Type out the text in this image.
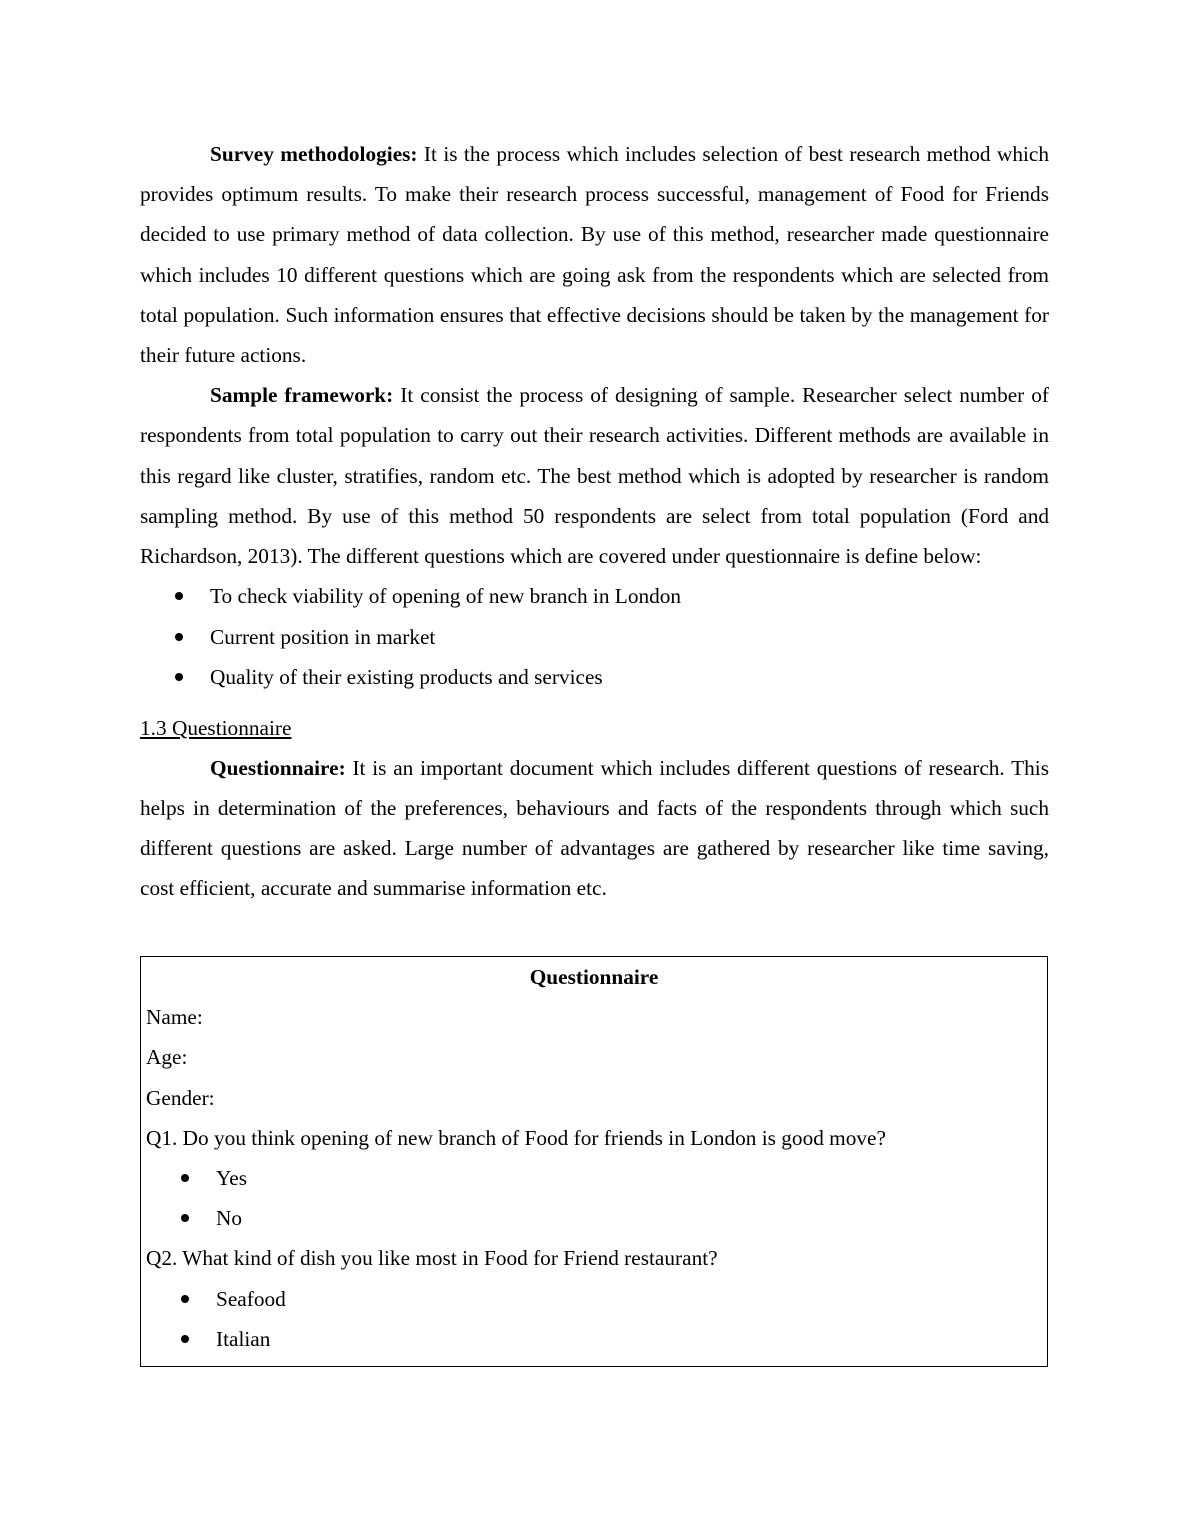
Survey methodologies: It is the process which includes selection of best research method which provides optimum results. To make their research process successful, management of Food for Friends decided to use primary method of data collection. By use of this method, researcher made questionnaire which includes 10 different questions which are going ask from the respondents which are selected from total population. Such information ensures that effective decisions should be taken by the management for their future actions.

Sample framework: It consist the process of designing of sample. Researcher select number of respondents from total population to carry out their research activities. Different methods are available in this regard like cluster, stratifies, random etc. The best method which is adopted by researcher is random sampling method. By use of this method 50 respondents are select from total population (Ford and Richardson, 2013). The different questions which are covered under questionnaire is define below:

To check viability of opening of new branch in London
Current position in market
Quality of their existing products and services
1.3 Questionnaire

Questionnaire: It is an important document which includes different questions of research. This helps in determination of the preferences, behaviours and facts of the respondents through which such different questions are asked. Large number of advantages are gathered by researcher like time saving, cost efficient, accurate and summarise information etc.

Questionnaire
Name:
Age:
Gender:
Q1. Do you think opening of new branch of Food for friends in London is good move?
Yes
No
Q2. What kind of dish you like most in Food for Friend restaurant?
Seafood
Italian
